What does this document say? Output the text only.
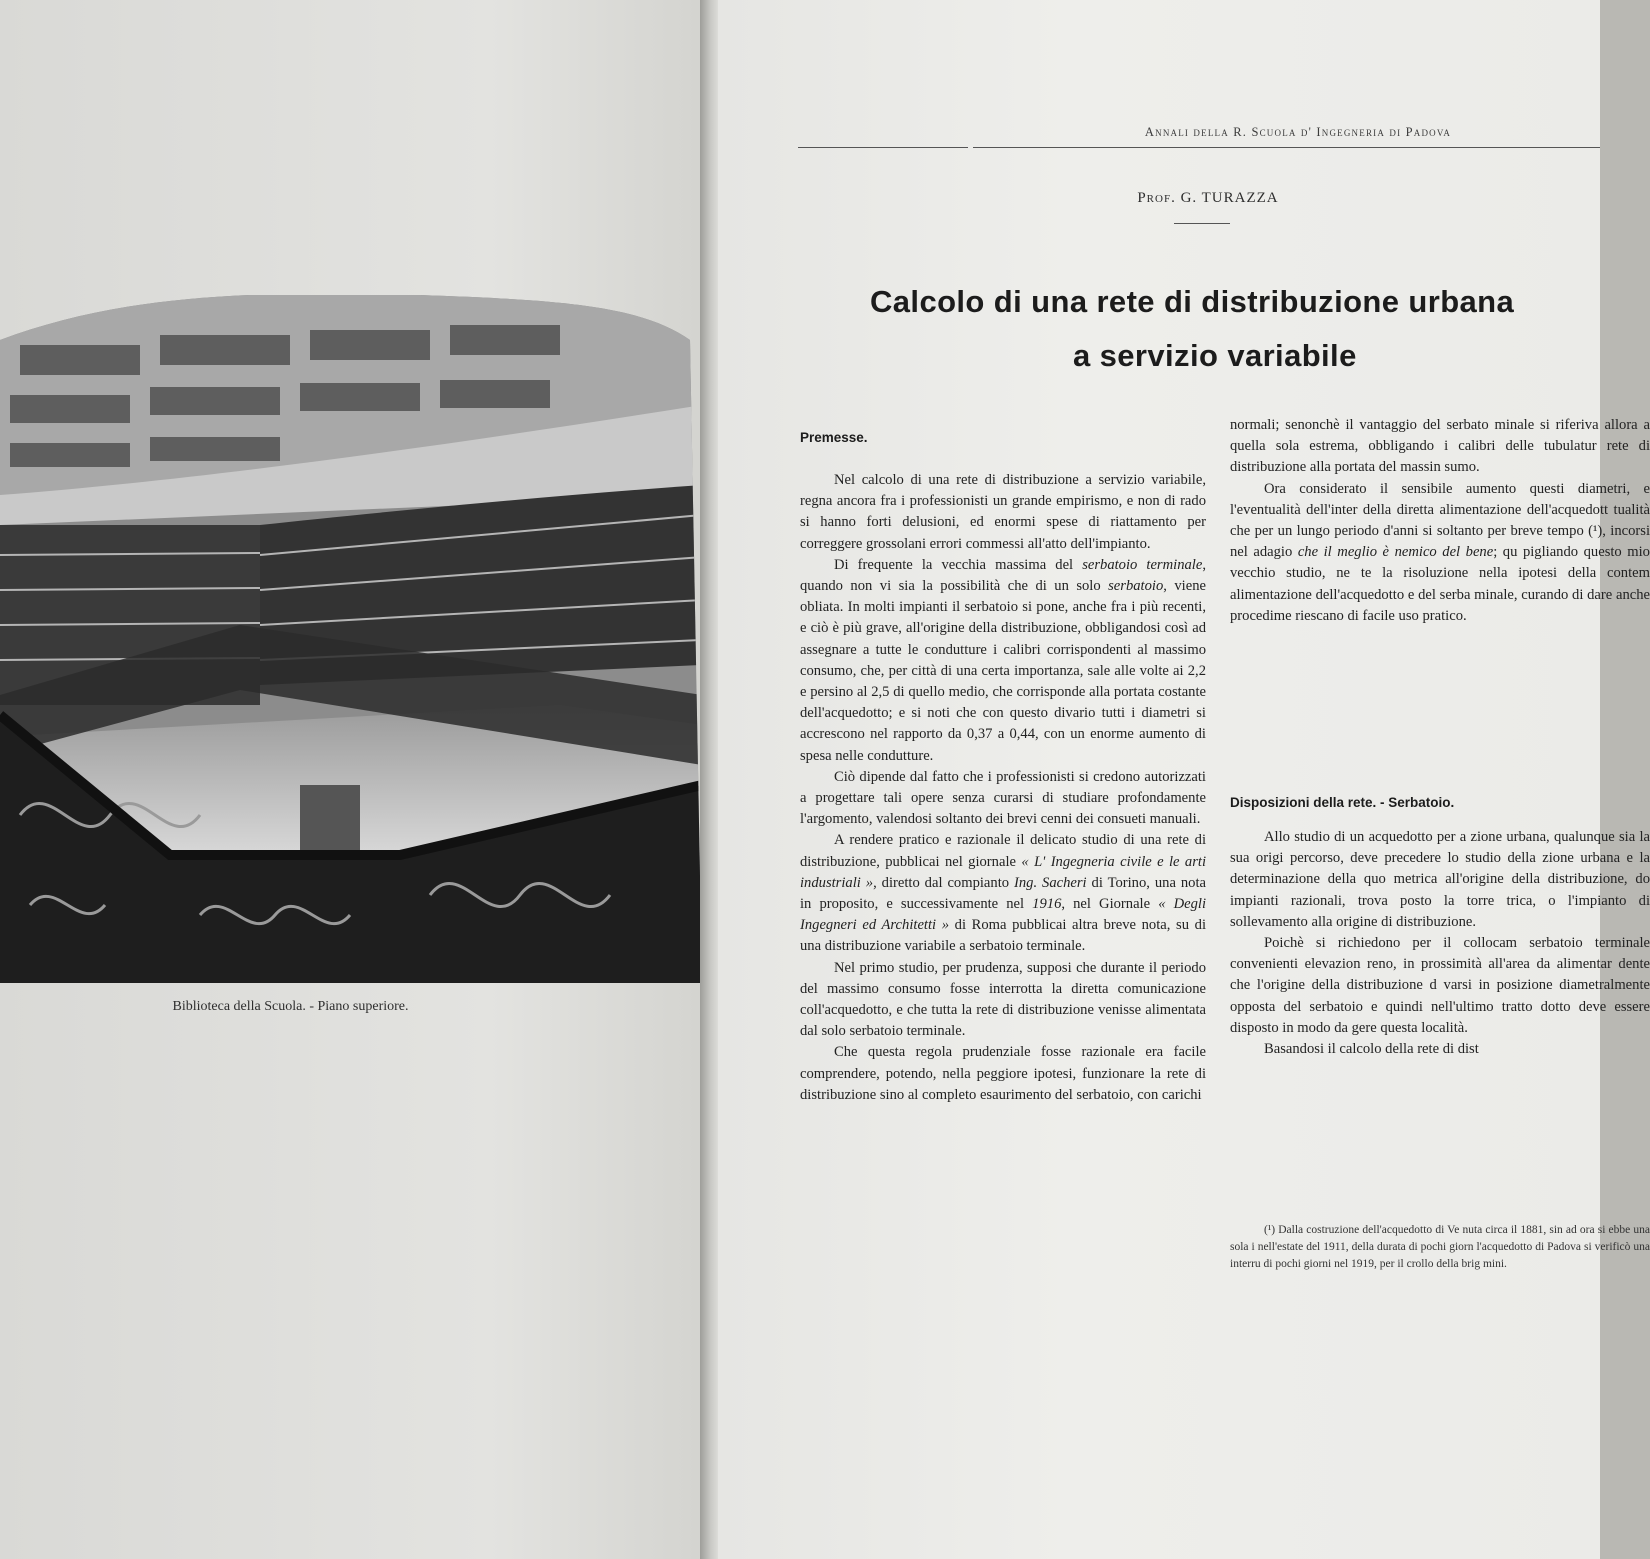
Biblioteca della Scuola. - Piano superiore.
Annali della R. Scuola d' Ingegneria di Padova
Prof. G. TURAZZA
Calcolo di una rete di distribuzione urbana
a servizio variabile
Premesse.

Nel calcolo di una rete di distribuzione a servizio variabile, regna ancora fra i professionisti un grande empirismo, e non di rado si hanno forti delusioni, ed enormi spese di riattamento per correggere grossolani errori commessi all'atto dell'impianto.

Di frequente la vecchia massima del serbatoio terminale, quando non vi sia la possibilità che di un solo serbatoio, viene obliata. In molti impianti il serbatoio si pone, anche fra i più recenti, e ciò è più grave, all'origine della distribuzione, obbligandosi così ad assegnare a tutte le condutture i calibri corrispondenti al massimo consumo, che, per città di una certa importanza, sale alle volte ai 2,2 e persino al 2,5 di quello medio, che corrisponde alla portata costante dell'acquedotto; e si noti che con questo divario tutti i diametri si accrescono nel rapporto da 0,37 a 0,44, con un enorme aumento di spesa nelle condutture.

Ciò dipende dal fatto che i professionisti si credono autorizzati a progettare tali opere senza curarsi di studiare profondamente l'argomento, valendosi soltanto dei brevi cenni dei consueti manuali.

A rendere pratico e razionale il delicato studio di una rete di distribuzione, pubblicai nel giornale « L' Ingegneria civile e le arti industriali », diretto dal compianto Ing. Sacheri di Torino, una nota in proposito, e successivamente nel 1916, nel Giornale « Degli Ingegneri ed Architetti » di Roma pubblicai altra breve nota, su di una distribuzione variabile a serbatoio terminale.

Nel primo studio, per prudenza, supposi che durante il periodo del massimo consumo fosse interrotta la diretta comunicazione coll'acquedotto, e che tutta la rete di distribuzione venisse alimentata dal solo serbatoio terminale.

Che questa regola prudenziale fosse razionale era facile comprendere, potendo, nella peggiore ipotesi, funzionare la rete di distribuzione sino al completo esaurimento del serbatoio, con carichi

normali; senonchè il vantaggio del serbato minale si riferiva allora a quella sola estrema, obbligando i calibri delle tubulatur rete di distribuzione alla portata del massin sumo.

Ora considerato il sensibile aumento questi diametri, e l'eventualità dell'inter della diretta alimentazione dell'acquedott tualità che per un lungo periodo d'anni si soltanto per breve tempo (¹), incorsi nel adagio che il meglio è nemico del bene; qu pigliando questo mio vecchio studio, ne te la risoluzione nella ipotesi della contem alimentazione dell'acquedotto e del serba minale, curando di dare anche procedime riescano di facile uso pratico.

Disposizioni della rete. - Serbatoio.

Allo studio di un acquedotto per a zione urbana, qualunque sia la sua origi percorso, deve precedere lo studio della zione urbana e la determinazione della quo metrica all'origine della distribuzione, do impianti razionali, trova posto la torre trica, o l'impianto di sollevamento alla origine di distribuzione.

Poichè si richiedono per il collocam serbatoio terminale convenienti elevazion reno, in prossimità all'area da alimentar dente che l'origine della distribuzione d varsi in posizione diametralmente opposta del serbatoio e quindi nell'ultimo tratto dotto deve essere disposto in modo da gere questa località.

Basandosi il calcolo della rete di dist

(¹) Dalla costruzione dell'acquedotto di Ve nuta circa il 1881, sin ad ora si ebbe una sola i nell'estate del 1911, della durata di pochi giorn l'acquedotto di Padova si verificò una interru di pochi giorni nel 1919, per il crollo della brig mini.
